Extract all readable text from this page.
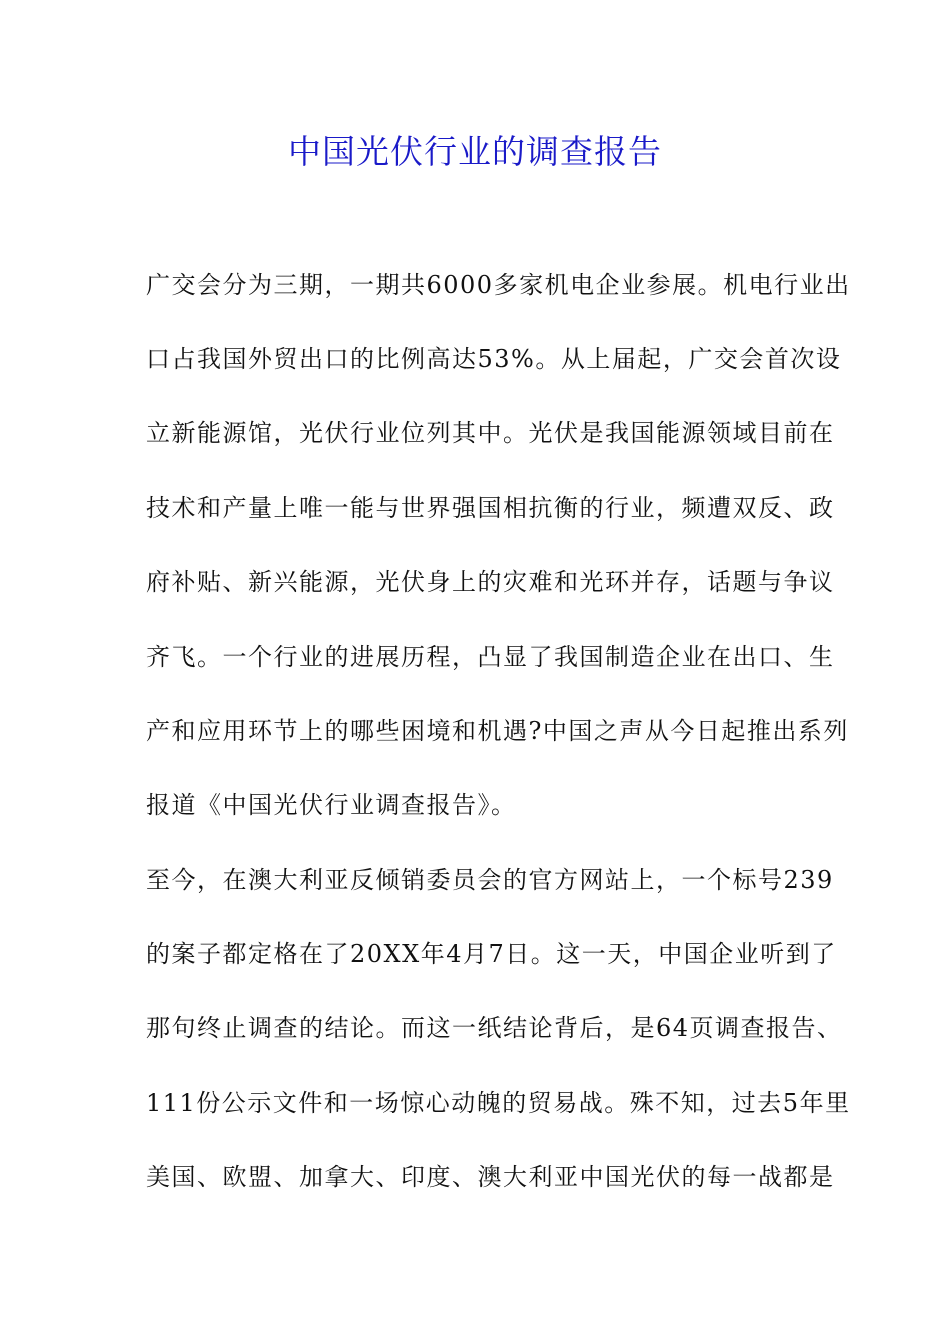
中国光伏行业的调查报告
广交会分为三期，一期共6000多家机电企业参展。机电行业出
口占我国外贸出口的比例高达53%。从上届起，广交会首次设
立新能源馆，光伏行业位列其中。光伏是我国能源领域目前在
技术和产量上唯一能与世界强国相抗衡的行业，频遭双反、政
府补贴、新兴能源，光伏身上的灾难和光环并存，话题与争议
齐飞。一个行业的进展历程，凸显了我国制造企业在出口、生
产和应用环节上的哪些困境和机遇?中国之声从今日起推出系列
报道《中国光伏行业调查报告》。
至今，在澳大利亚反倾销委员会的官方网站上，一个标号239
的案子都定格在了20XX年4月7日。这一天，中国企业听到了
那句终止调查的结论。而这一纸结论背后，是64页调查报告、
111份公示文件和一场惊心动魄的贸易战。殊不知，过去5年里
美国、欧盟、加拿大、印度、澳大利亚中国光伏的每一战都是
